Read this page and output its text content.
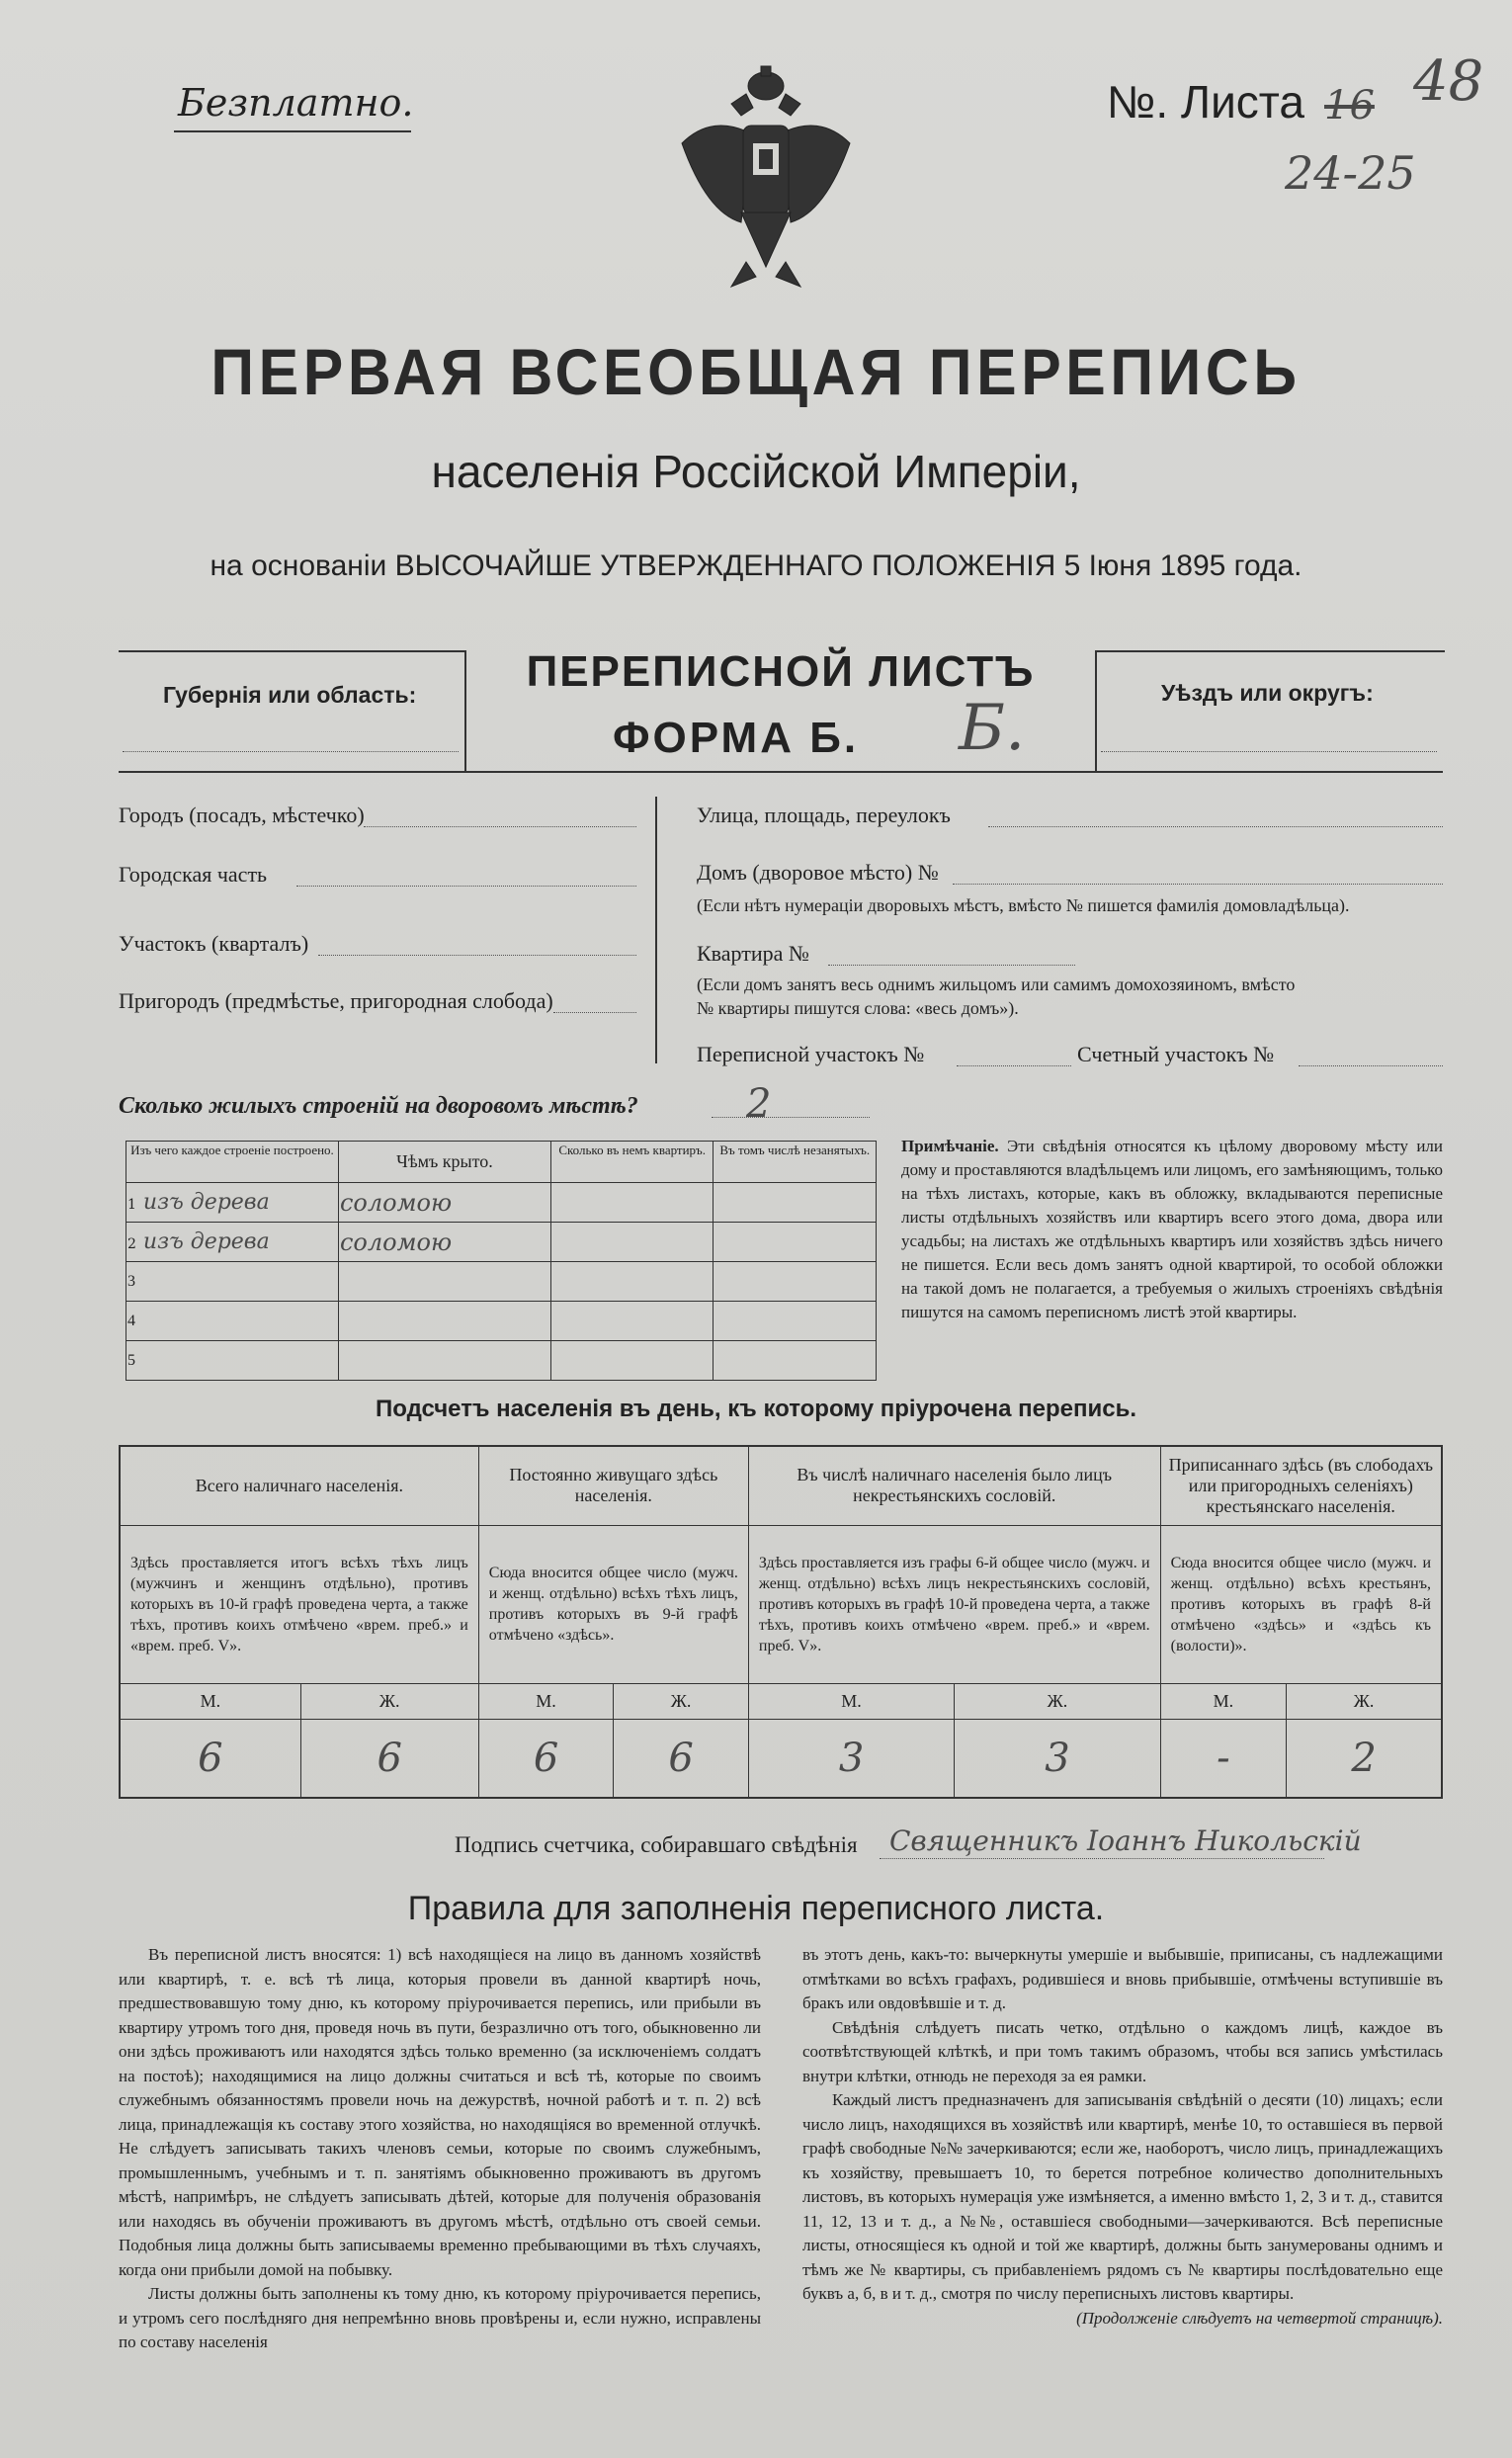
Безплатно.	№. Листа 16 48
24-25
ПЕРВАЯ ВСЕОБЩАЯ ПЕРЕПИСЬ
населенія Россійской Имперіи,
на основаніи ВЫСОЧАЙШЕ УТВЕРЖДЕННАГО ПОЛОЖЕНІЯ 5 Іюня 1895 года.
Губернія или область:	Уѣздъ или округъ:
ПЕРЕПИСНОЙ ЛИСТЪ
ФОРМА Б. Б.
Городъ (посадъ, мѣстечко)
Городская часть
Участокъ (кварталъ)
Пригородъ (предмѣстье, пригородная слобода)
Улица, площадь, переулокъ
Домъ (дворовое мѣсто) №
(Если нѣтъ нумераціи дворовыхъ мѣстъ, вмѣсто № пишется фамилія домовладѣльца).
Квартира №
(Если домъ занятъ весь однимъ жильцомъ или самимъ домохозяиномъ, вмѣсто
№ квартиры пишутся слова: «весь домъ»).
Переписной участокъ №	Счетный участокъ №
Сколько жилыхъ строеній на дворовомъ мѣстѣ?	2
Изъ чего каждое строеніе построено.	Чѣмъ крыто.	Сколько въ немъ квартиръ.	Въ томъ числѣ незанятыхъ.
1 изъ дерева	соломою		
2 изъ дерева	соломою		
3			
4			
5			
Примѣчаніе. Эти свѣдѣнія относятся къ цѣлому дворовому мѣсту или дому и проставляются владѣльцемъ или лицомъ, его замѣняющимъ, только на тѣхъ листахъ, которые, какъ въ обложку, вкладываются переписные листы отдѣльныхъ хозяйствъ или квартиръ всего этого дома, двора или усадьбы; на листахъ же отдѣльныхъ квартиръ или хозяйствъ здѣсь ничего не пишется. Если весь домъ занятъ одной квартирой, то особой обложки на такой домъ не полагается, а требуемыя о жилыхъ строеніяхъ свѣдѣнія пишутся на самомъ переписномъ листѣ этой квартиры.
Подсчетъ населенія въ день, къ которому пріурочена перепись.
Всего наличнаго населенія.		Постоянно живущаго здѣсь населенія.		Въ числѣ наличнаго населенія было лицъ некрестьянскихъ сословій.		Приписаннаго здѣсь (въ слободахъ или пригородныхъ селеніяхъ) крестьянскаго населенія.	
Здѣсь проставляется итогъ всѣхъ тѣхъ лицъ (мужчинъ и женщинъ отдѣльно), противъ которыхъ въ 10-й графѣ проведена черта, а также тѣхъ, противъ коихъ отмѣчено «врем. преб.» и «врем. преб. V».		Сюда вносится общее число (мужч. и женщ. отдѣльно) всѣхъ тѣхъ лицъ, противъ которыхъ въ 9-й графѣ отмѣчено «здѣсь».		Здѣсь проставляется изъ графы 6-й общее число (мужч. и женщ. отдѣльно) всѣхъ лицъ некрестьянскихъ сословій, противъ которыхъ въ графѣ 10-й проведена черта, а также тѣхъ, противъ коихъ отмѣчено «врем. преб.» и «врем. преб. V».		Сюда вносится общее число (мужч. и женщ. отдѣльно) всѣхъ крестьянъ, противъ которыхъ въ графѣ 8-й отмѣчено «здѣсь» и «здѣсь къ (волости)».	
М.	Ж.	М.	Ж.	М.	Ж.	М.	Ж.
6	6	6	6	3	3	-	2
Подпись счетчика, собиравшаго свѣдѣнія Священникъ Іоаннъ Никольскій
Правила для заполненія переписного листа.

Въ переписной листъ вносятся: 1) всѣ находящіеся на лицо въ данномъ хозяйствѣ или квартирѣ, т. е. всѣ тѣ лица, которыя провели въ данной квартирѣ ночь, предшествовавшую тому дню, къ которому пріурочивается перепись, или прибыли въ квартиру утромъ того дня, проведя ночь въ пути, безразлично отъ того, обыкновенно ли они здѣсь проживаютъ или находятся здѣсь только временно (за исключеніемъ солдатъ на постоѣ); находящимися на лицо должны считаться и всѣ тѣ, которые по своимъ служебнымъ обязанностямъ провели ночь на дежурствѣ, ночной работѣ и т. п. 2) всѣ лица, принадлежащія къ составу этого хозяйства, но находящіяся во временной отлучкѣ. Не слѣдуетъ записывать такихъ членовъ семьи, которые по своимъ служебнымъ, промышленнымъ, учебнымъ и т. п. занятіямъ обыкновенно проживаютъ въ другомъ мѣстѣ, напримѣръ, не слѣдуетъ записывать дѣтей, которые для полученія образованія или находясь въ обученіи проживаютъ въ другомъ мѣстѣ, отдѣльно отъ своей семьи. Подобныя лица должны быть записываемы временно пребывающими въ тѣхъ случаяхъ, когда они прибыли домой на побывку.

Листы должны быть заполнены къ тому дню, къ которому пріурочивается перепись, и утромъ сего послѣдняго дня непремѣнно вновь провѣрены и, если нужно, исправлены по составу населенія

въ этотъ день, какъ-то: вычеркнуты умершіе и выбывшіе, приписаны, съ надлежащими отмѣтками во всѣхъ графахъ, родившіеся и вновь прибывшіе, отмѣчены вступившіе въ бракъ или овдовѣвшіе и т. д.

Свѣдѣнія слѣдуетъ писать четко, отдѣльно о каждомъ лицѣ, каждое въ соотвѣтствующей клѣткѣ, и при томъ такимъ образомъ, чтобы вся запись умѣстилась внутри клѣтки, отнюдь не переходя за ея рамки.

Каждый листъ предназначенъ для записыванія свѣдѣній о десяти (10) лицахъ; если число лицъ, находящихся въ хозяйствѣ или квартирѣ, менѣе 10, то оставшіеся въ первой графѣ свободные №№ зачеркиваются; если же, наоборотъ, число лицъ, принадлежащихъ къ хозяйству, превышаетъ 10, то берется потребное количество дополнительныхъ листовъ, въ которыхъ нумерація уже измѣняется, а именно вмѣсто 1, 2, 3 и т. д., ставится 11, 12, 13 и т. д., а №№, оставшіеся свободными—зачеркиваются. Всѣ переписные листы, относящіеся къ одной и той же квартирѣ, должны быть занумерованы однимъ и тѣмъ же № квартиры, съ прибавленіемъ рядомъ съ № квартиры послѣдовательно еще буквъ а, б, в и т. д., смотря по числу переписныхъ листовъ квартиры.

(Продолженіе слѣдуетъ на четвертой страницѣ).
